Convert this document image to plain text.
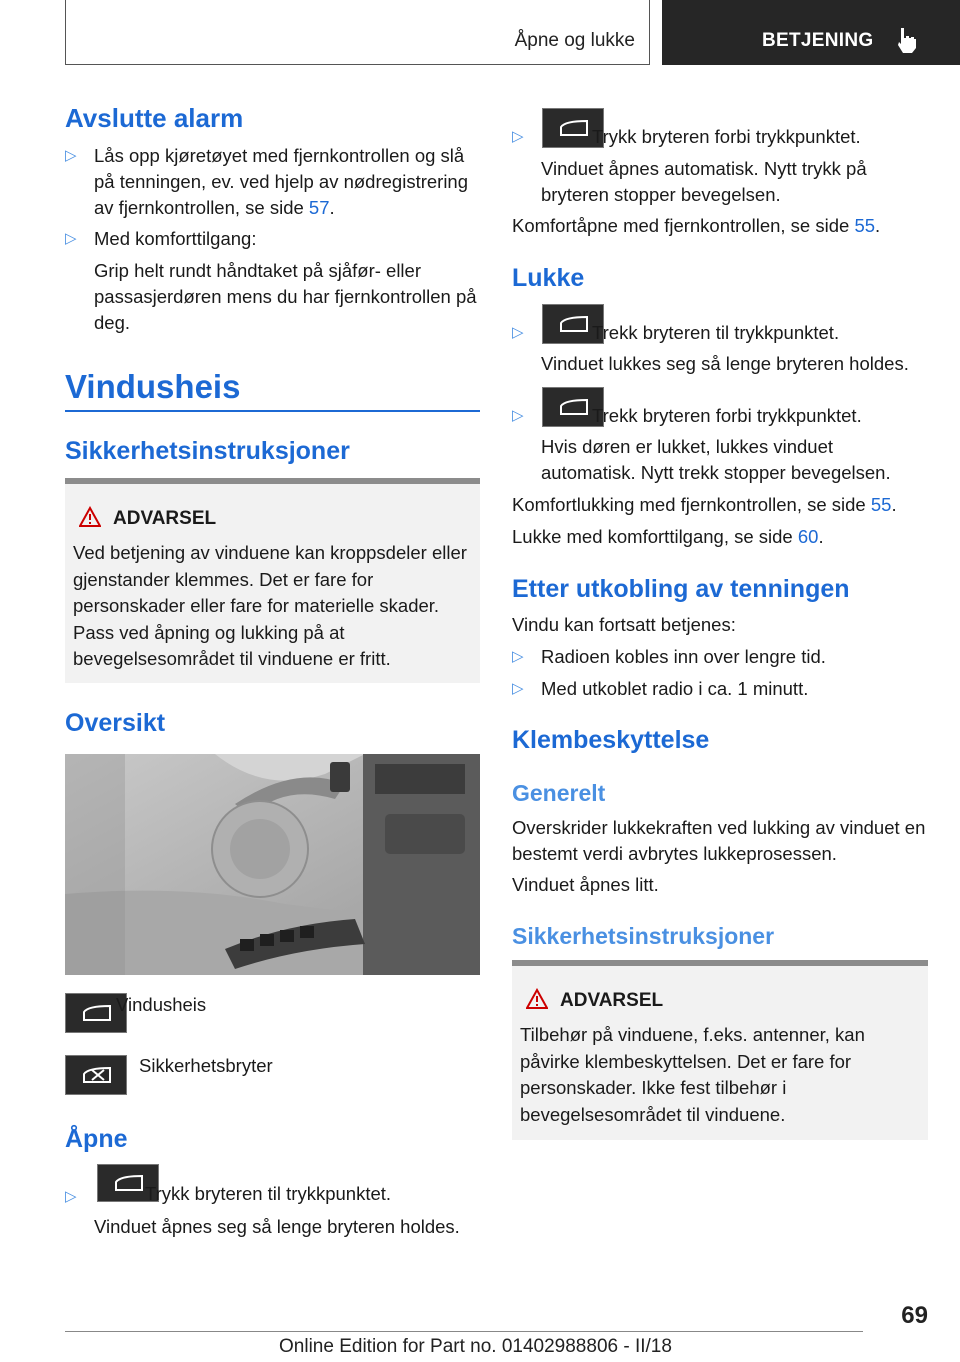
Åpne og lukke	BETJENING
Avslutte alarm
▷ Lås opp kjøretøyet med fjernkontrollen og slå på tenningen, ev. ved hjelp av nødregistrering av fjernkontrollen, se side 57.
▷ Med komforttilgang:
Grip helt rundt håndtaket på sjåfør- eller passasjerdøren mens du har fjernkontrollen på deg.
Vindusheis
Sikkerhetsinstruksjoner
ADVARSEL
Ved betjening av vinduene kan kroppsdeler eller gjenstander klemmes. Det er fare for personskader eller fare for materielle skader. Pass ved åpning og lukking på at bevegelsesområdet til vinduene er fritt.
Oversikt
Vindusheis
Sikkerhetsbryter
Åpne
▷	Trykk bryteren til trykkpunktet.
Vinduet åpnes seg så lenge bryteren holdes.
▷	Trykk bryteren forbi trykkpunktet.
Vinduet åpnes automatisk. Nytt trykk på bryteren stopper bevegelsen.
Komfortåpne med fjernkontrollen, se side 55.
Lukke
▷	Trekk bryteren til trykkpunktet.
Vinduet lukkes seg så lenge bryteren holdes.
▷	Trekk bryteren forbi trykkpunktet.
Hvis døren er lukket, lukkes vinduet automatisk. Nytt trekk stopper bevegelsen.
Komfortlukking med fjernkontrollen, se side 55.
Lukke med komforttilgang, se side 60.
Etter utkobling av tenningen
Vindu kan fortsatt betjenes:
▷ Radioen kobles inn over lengre tid.
▷ Med utkoblet radio i ca. 1 minutt.
Klembeskyttelse
Generelt
Overskrider lukkekraften ved lukking av vinduet en bestemt verdi avbrytes lukkeprosessen.
Vinduet åpnes litt.
Sikkerhetsinstruksjoner
ADVARSEL
Tilbehør på vinduene, f.eks. antenner, kan påvirke klembeskyttelsen. Det er fare for personskader. Ikke fest tilbehør i bevegelsesområdet til vinduene.
69
Online Edition for Part no. 01402988806 - II/18
